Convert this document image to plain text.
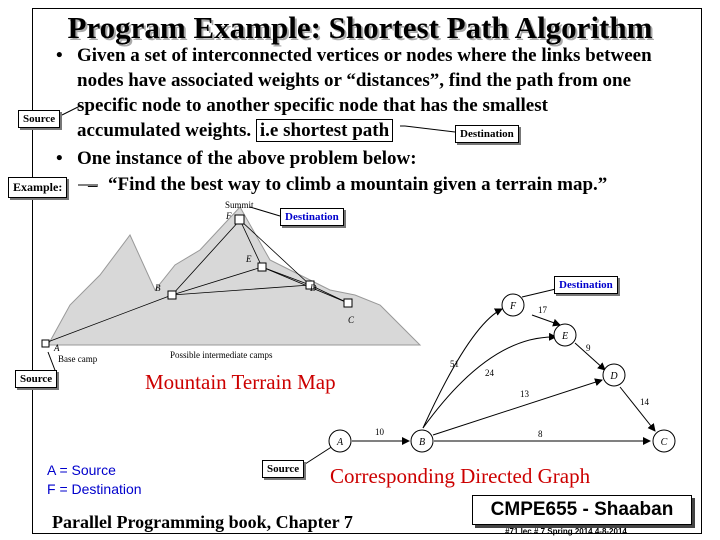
Program Example: Shortest Path Algorithm
• Given a set of interconnected vertices or nodes where the links between
nodes have associated weights or “distances”, find the path from one
specific node to another specific node that has the smallest
accumulated weights. i.e shortest path
• One instance of the above problem below:
– “Find the best way to climb a mountain given a terrain map.”
Source
Destination
Example:
Destination
Destination
Source
Source
Summit
F
E
B	D
C
A
Base camp	Possible intermediate camps
Mountain Terrain Map
A	B	C
D
E
F 17
9
24
51
13
14
10	8
Corresponding Directed Graph
A = Source
F = Destination
Parallel Programming book, Chapter 7
CMPE655 - Shaaban
#71 lec # 7 Spring 2014 4-8-2014
